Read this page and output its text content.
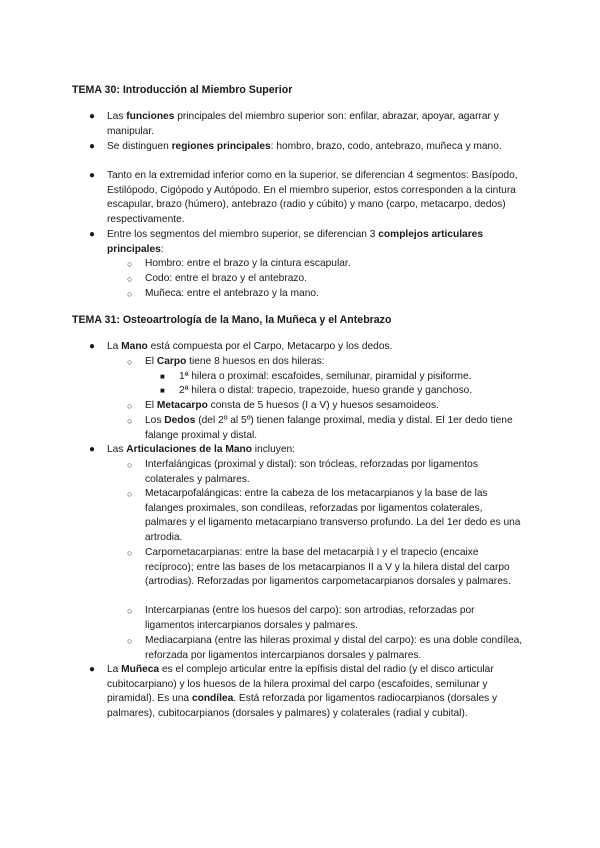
TEMA 30: Introducción al Miembro Superior
● Las funciones principales del miembro superior son: enfilar, abrazar, apoyar, agarrar y manipular.
● Se distinguen regiones principales: hombro, brazo, codo, antebrazo, muñeca y mano.
● Tanto en la extremidad inferior como en la superior, se diferencian 4 segmentos: Basípodo, Estilópodo, Cigópodo y Autópodo. En el miembro superior, estos corresponden a la cintura escapular, brazo (húmero), antebrazo (radio y cúbito) y mano (carpo, metacarpo, dedos) respectivamente.
● Entre los segmentos del miembro superior, se diferencian 3 complejos articulares principales:
○ Hombro: entre el brazo y la cintura escapular.
○ Codo: entre el brazo y el antebrazo.
○ Muñeca: entre el antebrazo y la mano.
TEMA 31: Osteoartrología de la Mano, la Muñeca y el Antebrazo
● La Mano está compuesta por el Carpo, Metacarpo y los dedos.
○ El Carpo tiene 8 huesos en dos hileras:
■ 1ª hilera o proximal: escafoides, semilunar, piramidal y pisiforme.
■ 2ª hilera o distal: trapecio, trapezoide, hueso grande y ganchoso.
○ El Metacarpo consta de 5 huesos (I a V) y huesos sesamoideos.
○ Los Dedos (del 2º al 5º) tienen falange proximal, media y distal. El 1er dedo tiene falange proximal y distal.
● Las Articulaciones de la Mano incluyen:
○ Interfalángicas (proximal y distal): son trócleas, reforzadas por ligamentos colaterales y palmares.
○ Metacarpofalángicas: entre la cabeza de los metacarpianos y la base de las falanges proximales, son condíleas, reforzadas por ligamentos colaterales, palmares y el ligamento metacarpiano transverso profundo. La del 1er dedo es una artrodia.
○ Carpometacarpianas: entre la base del metacarpià I y el trapecio (encaixe recíproco); entre las bases de los metacarpianos II a V y la hilera distal del carpo (artrodias). Reforzadas por ligamentos carpometacarpianos dorsales y palmares.
○ Intercarpianas (entre los huesos del carpo): son artrodias, reforzadas por ligamentos intercarpianos dorsales y palmares.
○ Mediacarpiana (entre las hileras proximal y distal del carpo): es una doble condílea, reforzada por ligamentos intercarpianos dorsales y palmares.
● La Muñeca es el complejo articular entre la epífisis distal del radio (y el disco articular cubitocarpiano) y los huesos de la hilera proximal del carpo (escafoides, semilunar y piramidal). Es una condílea. Está reforzada por ligamentos radiocarpianos (dorsales y palmares), cubitocarpianos (dorsales y palmares) y colaterales (radial y cubital).
